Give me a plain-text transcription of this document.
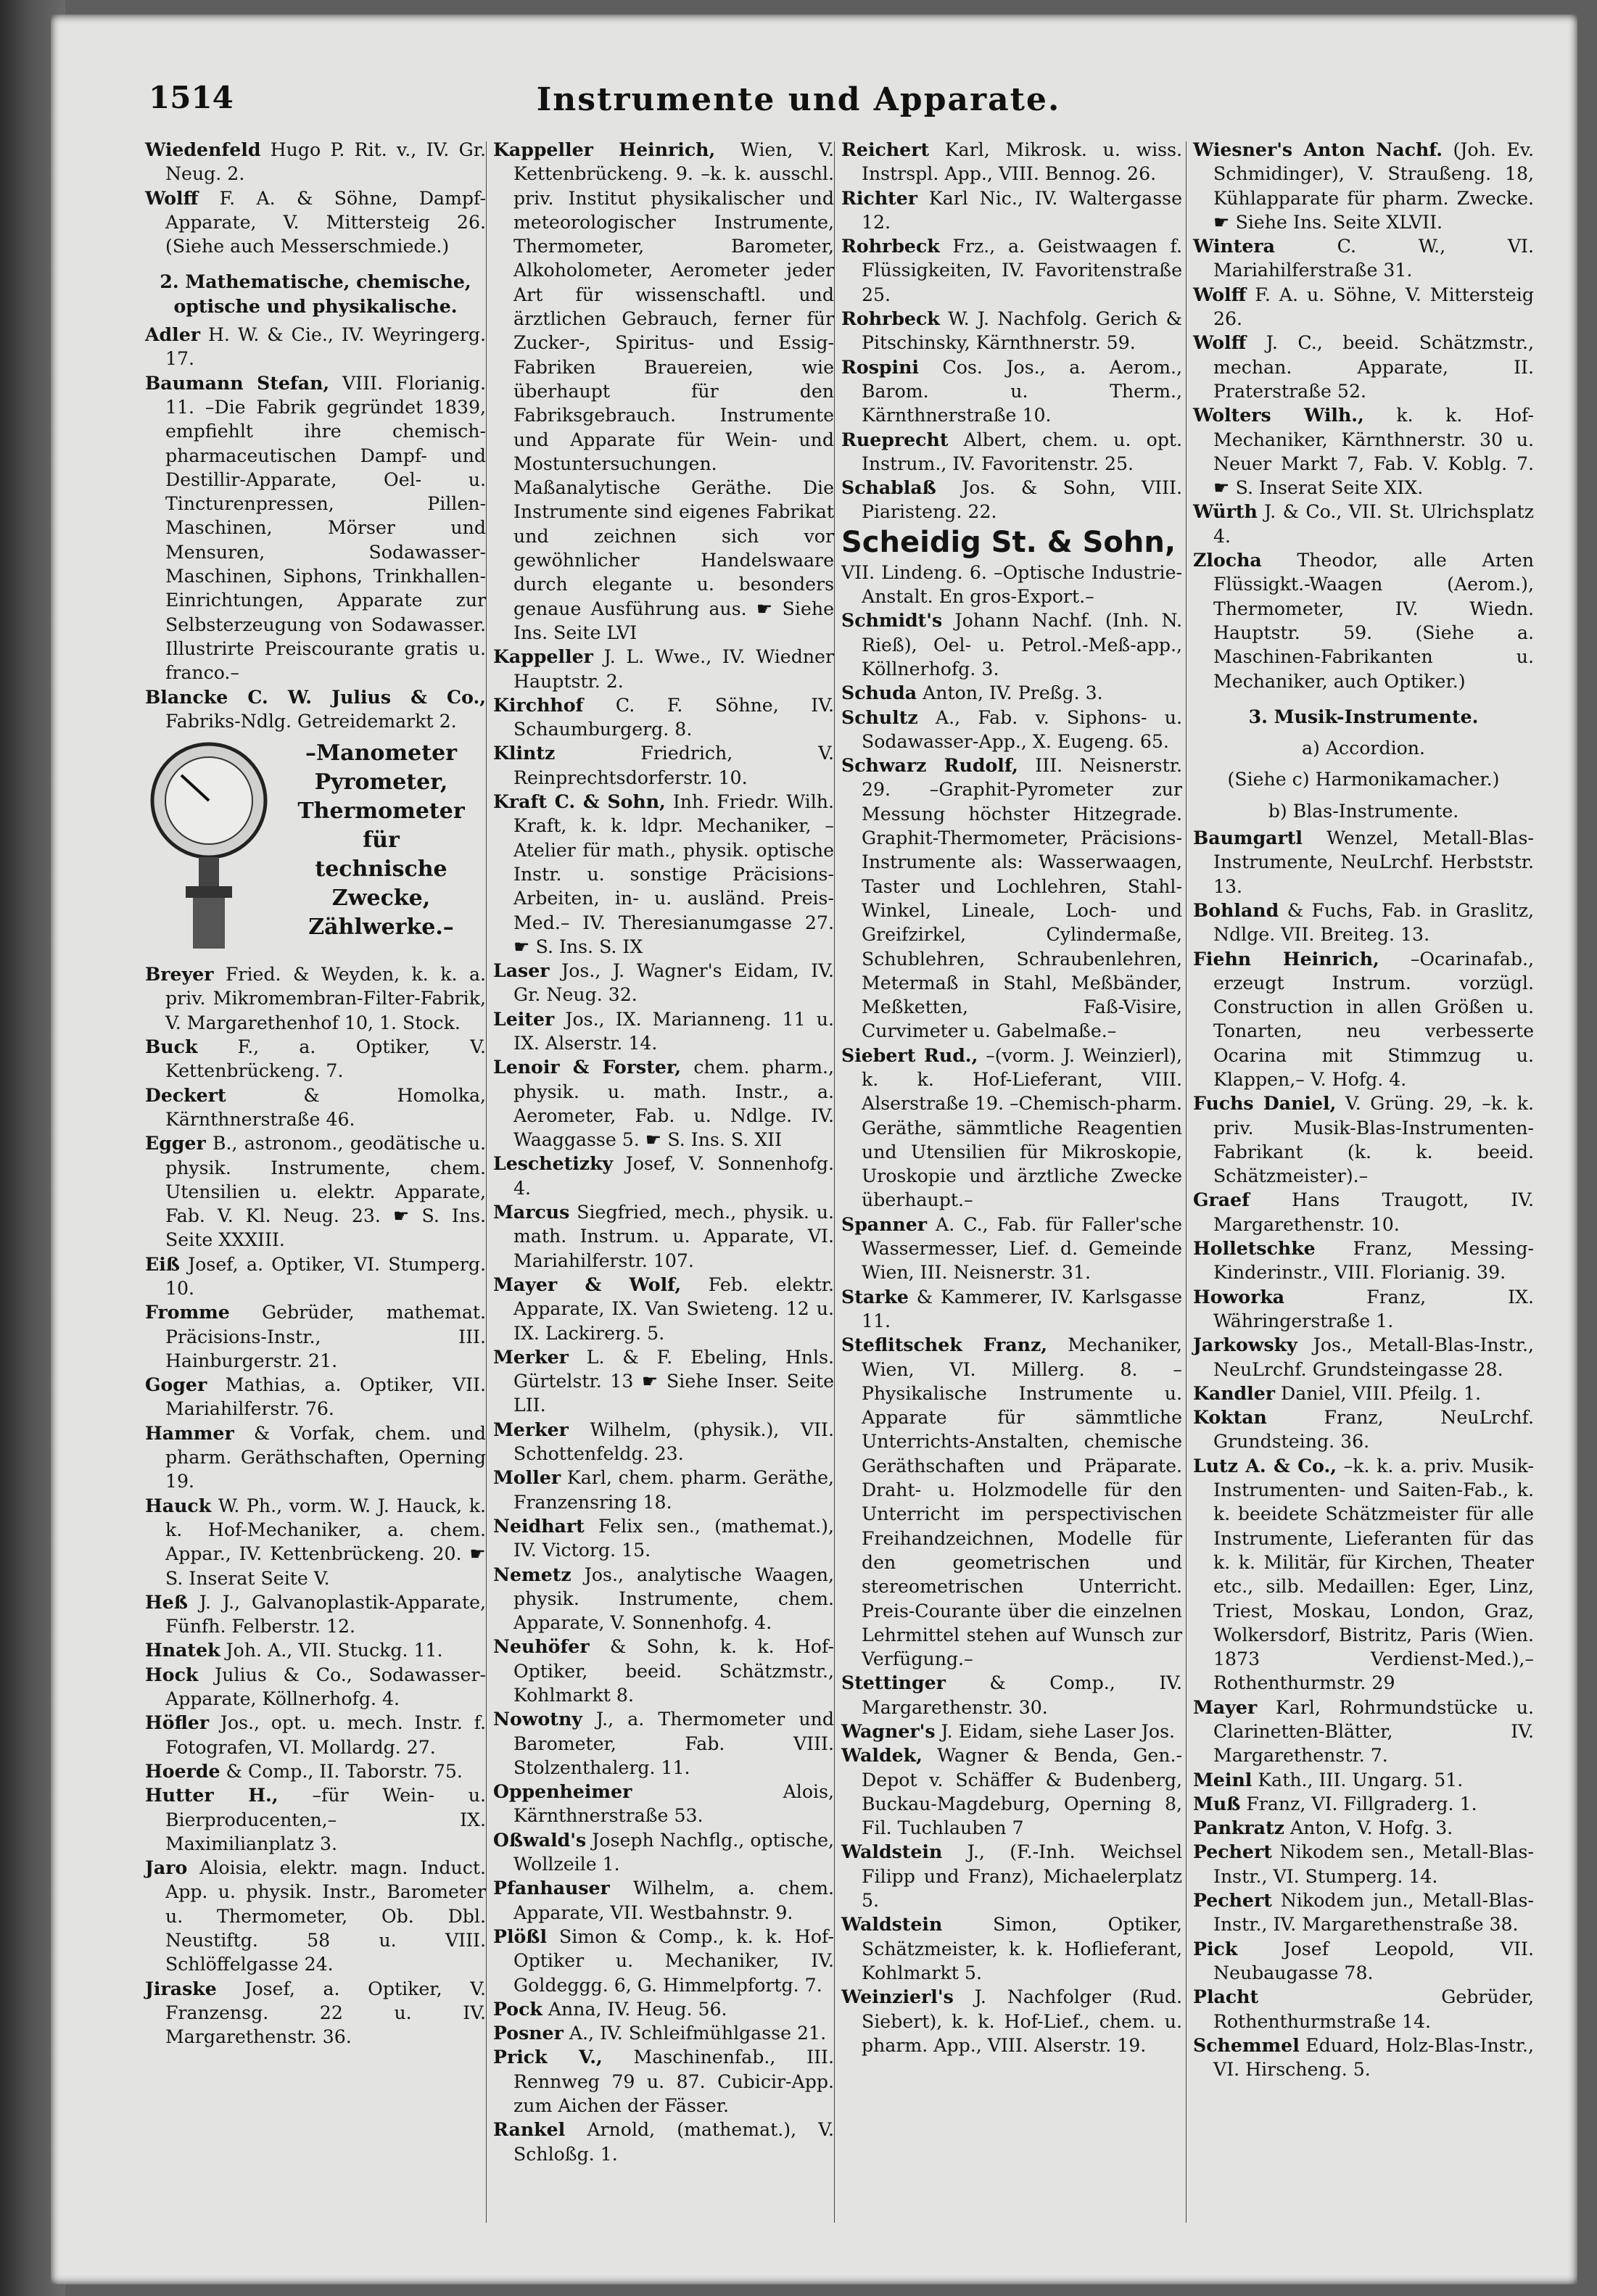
1514	Instrumente und Apparate.
Wiedenfeld Hugo P. Rit. v., IV. Gr. Neug. 2.
Wolff F. A. & Söhne, Dampf-Apparate, V. Mittersteig 26. (Siehe auch Messerschmiede.)
2. Mathematische, chemische, optische und physikalische.
Adler H. W. & Cie., IV. Weyringerg. 17.
Baumann Stefan, VIII. Florianig. 11. –Die Fabrik gegründet 1839, empfiehlt ihre chemisch-pharmaceutischen Dampf- und Destillir-Apparate, Oel- u. Tincturenpressen, Pillen-Maschinen, Mörser und Mensuren, Sodawasser-Maschinen, Siphons, Trinkhallen-Einrichtungen, Apparate zur Selbsterzeugung von Sodawasser. Illustrirte Preiscourante gratis u. franco.–
Blancke C. W. Julius & Co., Fabriks-Ndlg. Getreidemarkt 2.
–Manometer
Pyrometer,
Thermometer
für
technische
Zwecke,
Zählwerke.–
Breyer Fried. & Weyden, k. k. a. priv. Mikromembran-Filter-Fabrik, V. Margarethenhof 10, 1. Stock.
Buck F., a. Optiker, V. Kettenbrückeng. 7.
Deckert & Homolka, Kärnthnerstraße 46.
Egger B., astronom., geodätische u. physik. Instrumente, chem. Utensilien u. elektr. Apparate, Fab. V. Kl. Neug. 23. ☛ S. Ins. Seite XXXIII.
Eiß Josef, a. Optiker, VI. Stumperg. 10.
Fromme Gebrüder, mathemat. Präcisions-Instr., III. Hainburgerstr. 21.
Goger Mathias, a. Optiker, VII. Mariahilferstr. 76.
Hammer & Vorfak, chem. und pharm. Geräthschaften, Operning 19.
Hauck W. Ph., vorm. W. J. Hauck, k. k. Hof-Mechaniker, a. chem. Appar., IV. Kettenbrückeng. 20. ☛ S. Inserat Seite V.
Heß J. J., Galvanoplastik-Apparate, Fünfh. Felberstr. 12.
Hnatek Joh. A., VII. Stuckg. 11.
Hock Julius & Co., Sodawasser-Apparate, Köllnerhofg. 4.
Höfler Jos., opt. u. mech. Instr. f. Fotografen, VI. Mollardg. 27.
Hoerde & Comp., II. Taborstr. 75.
Hutter H., –für Wein- u. Bierproducenten,– IX. Maximilianplatz 3.
Jaro Aloisia, elektr. magn. Induct. App. u. physik. Instr., Barometer u. Thermometer, Ob. Dbl. Neustiftg. 58 u. VIII. Schlöffelgasse 24.
Jiraske Josef, a. Optiker, V. Franzensg. 22 u. IV. Margarethenstr. 36.
Kappeller Heinrich, Wien, V. Kettenbrückeng. 9. –k. k. ausschl. priv. Institut physikalischer und meteorologischer Instrumente, Thermometer, Barometer, Alkoholometer, Aerometer jeder Art für wissenschaftl. und ärztlichen Gebrauch, ferner für Zucker-, Spiritus- und Essig-Fabriken Brauereien, wie überhaupt für den Fabriksgebrauch. Instrumente und Apparate für Wein- und Mostuntersuchungen. Maßanalytische Geräthe. Die Instrumente sind eigenes Fabrikat und zeichnen sich vor gewöhnlicher Handelswaare durch elegante u. besonders genaue Ausführung aus. ☛ Siehe Ins. Seite LVI
Kappeller J. L. Wwe., IV. Wiedner Hauptstr. 2.
Kirchhof C. F. Söhne, IV. Schaumburgerg. 8.
Klintz Friedrich, V. Reinprechtsdorferstr. 10.
Kraft C. & Sohn, Inh. Friedr. Wilh. Kraft, k. k. ldpr. Mechaniker, –Atelier für math., physik. optische Instr. u. sonstige Präcisions-Arbeiten, in- u. ausländ. Preis-Med.– IV. Theresianumgasse 27. ☛ S. Ins. S. IX
Laser Jos., J. Wagner's Eidam, IV. Gr. Neug. 32.
Leiter Jos., IX. Marianneng. 11 u. IX. Alserstr. 14.
Lenoir & Forster, chem. pharm., physik. u. math. Instr., a. Aerometer, Fab. u. Ndlge. IV. Waaggasse 5. ☛ S. Ins. S. XII
Leschetizky Josef, V. Sonnenhofg. 4.
Marcus Siegfried, mech., physik. u. math. Instrum. u. Apparate, VI. Mariahilferstr. 107.
Mayer & Wolf, Feb. elektr. Apparate, IX. Van Swieteng. 12 u. IX. Lackirerg. 5.
Merker L. & F. Ebeling, Hnls. Gürtelstr. 13 ☛ Siehe Inser. Seite LII.
Merker Wilhelm, (physik.), VII. Schottenfeldg. 23.
Moller Karl, chem. pharm. Geräthe, Franzensring 18.
Neidhart Felix sen., (mathemat.), IV. Victorg. 15.
Nemetz Jos., analytische Waagen, physik. Instrumente, chem. Apparate, V. Sonnenhofg. 4.
Neuhöfer & Sohn, k. k. Hof-Optiker, beeid. Schätzmstr., Kohlmarkt 8.
Nowotny J., a. Thermometer und Barometer, Fab. VIII. Stolzenthalerg. 11.
Oppenheimer Alois, Kärnthnerstraße 53.
Oßwald's Joseph Nachflg., optische, Wollzeile 1.
Pfanhauser Wilhelm, a. chem. Apparate, VII. Westbahnstr. 9.
Plößl Simon & Comp., k. k. Hof-Optiker u. Mechaniker, IV. Goldeggg. 6, G. Himmelpfortg. 7.
Pock Anna, IV. Heug. 56.
Posner A., IV. Schleifmühlgasse 21.
Prick V., Maschinenfab., III. Rennweg 79 u. 87. Cubicir-App. zum Aichen der Fässer.
Rankel Arnold, (mathemat.), V. Schloßg. 1.
Reichert Karl, Mikrosk. u. wiss. Instrspl. App., VIII. Bennog. 26.
Richter Karl Nic., IV. Waltergasse 12.
Rohrbeck Frz., a. Geistwaagen f. Flüssigkeiten, IV. Favoritenstraße 25.
Rohrbeck W. J. Nachfolg. Gerich & Pitschinsky, Kärnthnerstr. 59.
Rospini Cos. Jos., a. Aerom., Barom. u. Therm., Kärnthnerstraße 10.
Rueprecht Albert, chem. u. opt. Instrum., IV. Favoritenstr. 25.
Schablaß Jos. & Sohn, VIII. Piaristeng. 22.
Scheidig St. & Sohn,
VII. Lindeng. 6. –Optische Industrie-Anstalt. En gros-Export.–
Schmidt's Johann Nachf. (Inh. N. Rieß), Oel- u. Petrol.-Meß-app., Köllnerhofg. 3.
Schuda Anton, IV. Preßg. 3.
Schultz A., Fab. v. Siphons- u. Sodawasser-App., X. Eugeng. 65.
Schwarz Rudolf, III. Neisnerstr. 29. –Graphit-Pyrometer zur Messung höchster Hitzegrade. Graphit-Thermometer, Präcisions-Instrumente als: Wasserwaagen, Taster und Lochlehren, Stahl-Winkel, Lineale, Loch- und Greifzirkel, Cylindermaße, Schublehren, Schraubenlehren, Metermaß in Stahl, Meßbänder, Meßketten, Faß-Visire, Curvimeter u. Gabelmaße.–
Siebert Rud., –(vorm. J. Weinzierl), k. k. Hof-Lieferant, VIII. Alserstraße 19. –Chemisch-pharm. Geräthe, sämmtliche Reagentien und Utensilien für Mikroskopie, Uroskopie und ärztliche Zwecke überhaupt.–
Spanner A. C., Fab. für Faller'sche Wassermesser, Lief. d. Gemeinde Wien, III. Neisnerstr. 31.
Starke & Kammerer, IV. Karlsgasse 11.
Steflitschek Franz, Mechaniker, Wien, VI. Millerg. 8. –Physikalische Instrumente u. Apparate für sämmtliche Unterrichts-Anstalten, chemische Geräthschaften und Präparate. Draht- u. Holzmodelle für den Unterricht im perspectivischen Freihandzeichnen, Modelle für den geometrischen und stereometrischen Unterricht. Preis-Courante über die einzelnen Lehrmittel stehen auf Wunsch zur Verfügung.–
Stettinger & Comp., IV. Margarethenstr. 30.
Wagner's J. Eidam, siehe Laser Jos.
Waldek, Wagner & Benda, Gen.-Depot v. Schäffer & Budenberg, Buckau-Magdeburg, Operning 8, Fil. Tuchlauben 7
Waldstein J., (F.-Inh. Weichsel Filipp und Franz), Michaelerplatz 5.
Waldstein Simon, Optiker, Schätzmeister, k. k. Hoflieferant, Kohlmarkt 5.
Weinzierl's J. Nachfolger (Rud. Siebert), k. k. Hof-Lief., chem. u. pharm. App., VIII. Alserstr. 19.
Wiesner's Anton Nachf. (Joh. Ev. Schmidinger), V. Straußeng. 18, Kühlapparate für pharm. Zwecke. ☛ Siehe Ins. Seite XLVII.
Wintera C. W., VI. Mariahilferstraße 31.
Wolff F. A. u. Söhne, V. Mittersteig 26.
Wolff J. C., beeid. Schätzmstr., mechan. Apparate, II. Praterstraße 52.
Wolters Wilh., k. k. Hof-Mechaniker, Kärnthnerstr. 30 u. Neuer Markt 7, Fab. V. Koblg. 7. ☛ S. Inserat Seite XIX.
Würth J. & Co., VII. St. Ulrichsplatz 4.
Zlocha Theodor, alle Arten Flüssigkt.-Waagen (Aerom.), Thermometer, IV. Wiedn. Hauptstr. 59. (Siehe a. Maschinen-Fabrikanten u. Mechaniker, auch Optiker.)
3. Musik-Instrumente.
a) Accordion.
(Siehe c) Harmonikamacher.)
b) Blas-Instrumente.
Baumgartl Wenzel, Metall-Blas-Instrumente, NeuLrchf. Herbststr. 13.
Bohland & Fuchs, Fab. in Graslitz, Ndlge. VII. Breiteg. 13.
Fiehn Heinrich, –Ocarinafab., erzeugt Instrum. vorzügl. Construction in allen Größen u. Tonarten, neu verbesserte Ocarina mit Stimmzug u. Klappen,– V. Hofg. 4.
Fuchs Daniel, V. Grüng. 29, –k. k. priv. Musik-Blas-Instrumenten-Fabrikant (k. k. beeid. Schätzmeister).–
Graef Hans Traugott, IV. Margarethenstr. 10.
Holletschke Franz, Messing-Kinderinstr., VIII. Florianig. 39.
Howorka Franz, IX. Währingerstraße 1.
Jarkowsky Jos., Metall-Blas-Instr., NeuLrchf. Grundsteingasse 28.
Kandler Daniel, VIII. Pfeilg. 1.
Koktan Franz, NeuLrchf. Grundsteing. 36.
Lutz A. & Co., –k. k. a. priv. Musik-Instrumenten- und Saiten-Fab., k. k. beeidete Schätzmeister für alle Instrumente, Lieferanten für das k. k. Militär, für Kirchen, Theater etc., silb. Medaillen: Eger, Linz, Triest, Moskau, London, Graz, Wolkersdorf, Bistritz, Paris (Wien. 1873 Verdienst-Med.),– Rothenthurmstr. 29
Mayer Karl, Rohrmundstücke u. Clarinetten-Blätter, IV. Margarethenstr. 7.
Meinl Kath., III. Ungarg. 51.
Muß Franz, VI. Fillgraderg. 1.
Pankratz Anton, V. Hofg. 3.
Pechert Nikodem sen., Metall-Blas-Instr., VI. Stumperg. 14.
Pechert Nikodem jun., Metall-Blas-Instr., IV. Margarethenstraße 38.
Pick Josef Leopold, VII. Neubaugasse 78.
Placht Gebrüder, Rothenthurmstraße 14.
Schemmel Eduard, Holz-Blas-Instr., VI. Hirscheng. 5.
